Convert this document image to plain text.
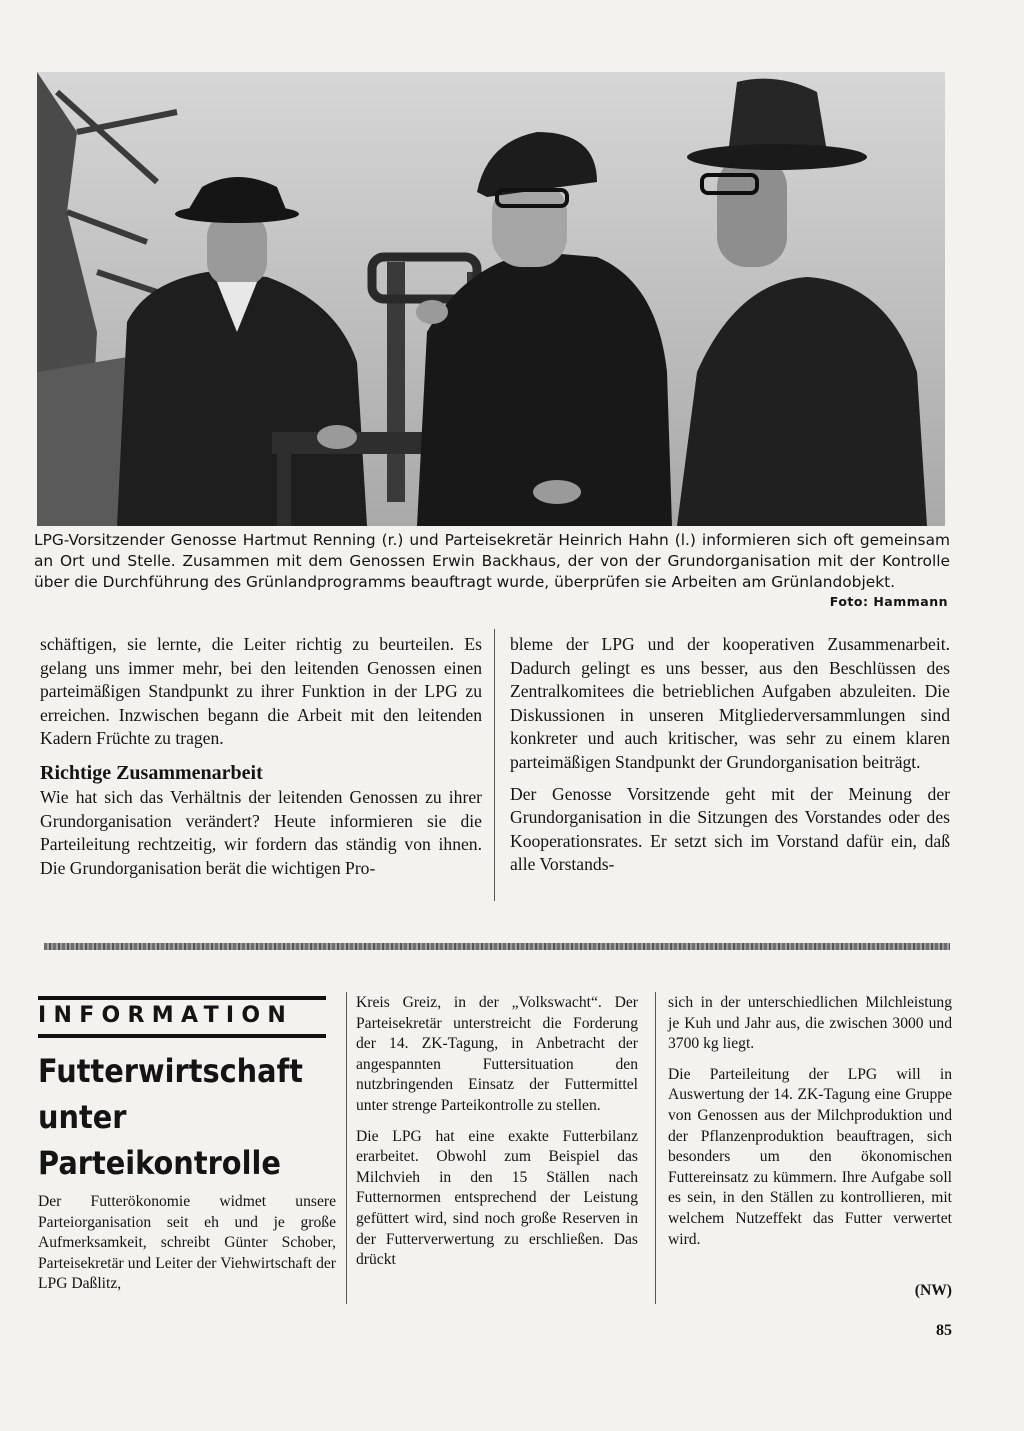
LPG-Vorsitzender Genosse Hartmut Renning (r.) und Parteisekretär Heinrich Hahn (l.) informieren sich oft gemeinsam an Ort und Stelle. Zusammen mit dem Genossen Erwin Backhaus, der von der Grundorganisation mit der Kontrolle über die Durchführung des Grünlandprogramms beauftragt wurde, überprüfen sie Arbeiten am Grünlandobjekt.

Foto: Hammann

schäftigen, sie lernte, die Leiter richtig zu beurteilen. Es gelang uns immer mehr, bei den leitenden Genossen einen parteimäßigen Standpunkt zu ihrer Funktion in der LPG zu erreichen. Inzwischen begann die Arbeit mit den leitenden Kadern Früchte zu tragen.

Richtige Zusammenarbeit

Wie hat sich das Verhältnis der leitenden Genossen zu ihrer Grundorganisation verändert? Heute informieren sie die Parteileitung rechtzeitig, wir fordern das ständig von ihnen. Die Grundorganisation berät die wichtigen Pro-

bleme der LPG und der kooperativen Zusammenarbeit. Dadurch gelingt es uns besser, aus den Beschlüssen des Zentralkomitees die betrieblichen Aufgaben abzuleiten. Die Diskussionen in unseren Mitgliederversammlungen sind konkreter und auch kritischer, was sehr zu einem klaren parteimäßigen Standpunkt der Grundorganisation beiträgt.

Der Genosse Vorsitzende geht mit der Meinung der Grundorganisation in die Sitzungen des Vorstandes oder des Kooperationsrates. Er setzt sich im Vorstand dafür ein, daß alle Vorstands-

INFORMATION
Futterwirtschaft unter Parteikontrolle

Der Futterökonomie widmet unsere Parteiorganisation seit eh und je große Aufmerksamkeit, schreibt Günter Schober, Parteisekretär und Leiter der Viehwirtschaft der LPG Daßlitz,

Kreis Greiz, in der „Volkswacht“. Der Parteisekretär unterstreicht die Forderung der 14. ZK-Tagung, in Anbetracht der angespannten Futtersituation den nutzbringenden Einsatz der Futtermittel unter strenge Parteikontrolle zu stellen.

Die LPG hat eine exakte Futterbilanz erarbeitet. Obwohl zum Beispiel das Milchvieh in den 15 Ställen nach Futternormen entsprechend der Leistung gefüttert wird, sind noch große Reserven in der Futterverwertung zu erschließen. Das drückt

sich in der unterschiedlichen Milchleistung je Kuh und Jahr aus, die zwischen 3000 und 3700 kg liegt.

Die Parteileitung der LPG will in Auswertung der 14. ZK-Tagung eine Gruppe von Genossen aus der Milchproduktion und der Pflanzenproduktion beauftragen, sich besonders um den ökonomischen Futtereinsatz zu kümmern. Ihre Aufgabe soll es sein, in den Ställen zu kontrollieren, mit welchem Nutzeffekt das Futter verwertet wird.

(NW)
85
